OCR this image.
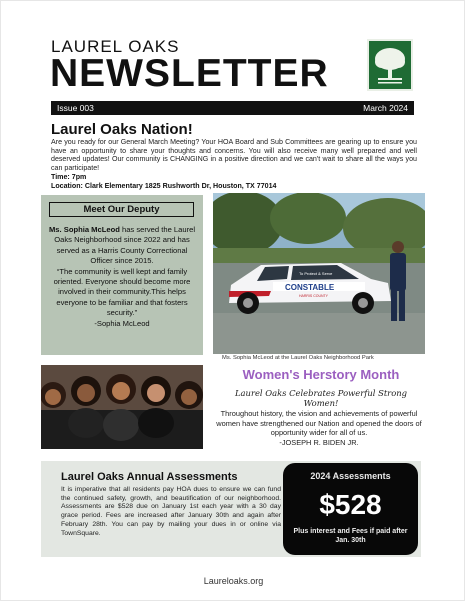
LAUREL OAKS
NEWSLETTER
Issue 003	March 2024
Laurel Oaks Nation!
Are you ready for our General March Meeting? Your HOA Board and Sub Committees are gearing up to ensure you have an opportunity to share your thoughts and concerns. You will also receive many well prepared and well deserved updates! Our community is CHANGING in a positive direction and we can't wait to share all the ways you can participate!
Time: 7pm
Location: Clark Elementary 1825 Rushworth Dr, Houston, TX 77014
Meet Our Deputy
Ms. Sophia McLeod has served the Laurel Oaks Neighborhood since 2022 and has served as a Harris County Correctional Officer since 2015.
“The community is well kept and family oriented. Everyone should become more involved in their community.This helps everyone to be familiar and that fosters security.”
-Sophia McLeod
To Protect & Serve
CONSTABLE
HARRIS COUNTY
Ms. Sophia McLeod at the Laurel Oaks Neighborhood Park
Women's Herstory Month
Laurel Oaks Celebrates Powerful Strong Women!
Throughout history, the vision and achievements of powerful women have strengthened our Nation and opened the doors of opportunity wider for all of us.
-JOSEPH R. BIDEN JR.
Laurel Oaks Annual Assessments
It is imperative that all residents pay HOA dues to ensure we can fund the continued safety, growth, and beautification of our neighborhood. Assessments are $528 due on January 1st each year with a 30 day grace period. Fees are increased after January 30th and again after February 28th. You can pay by mailing your dues in or online via TownSquare.
2024 Assessments
$528
Plus interest and Fees if paid after Jan. 30th
Laureloaks.org
